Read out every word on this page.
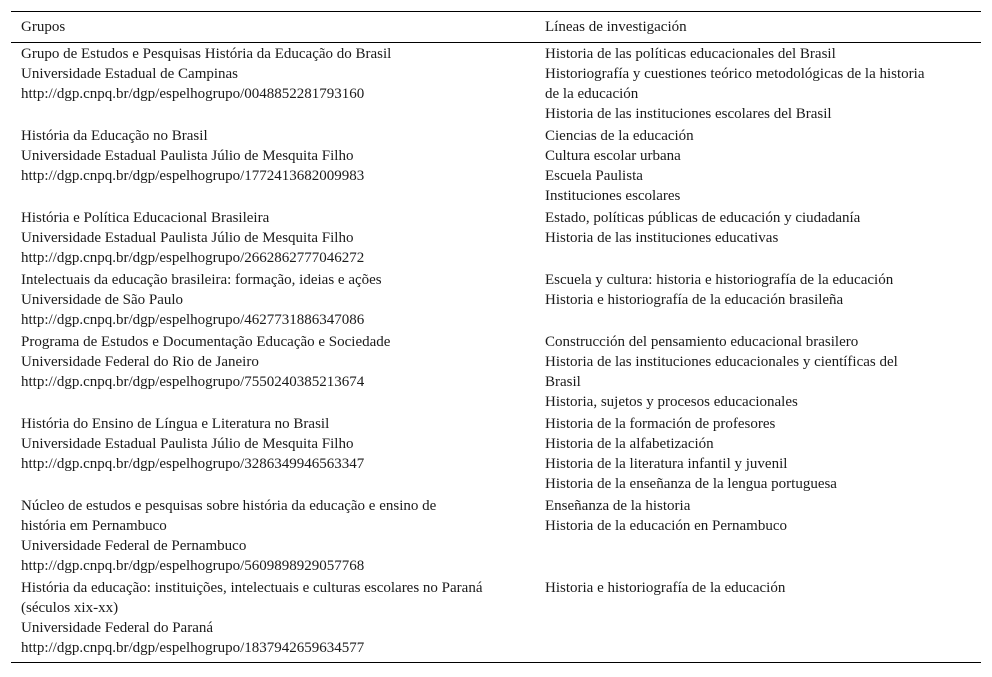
Grupos	Líneas de investigación
Grupo de Estudos e Pesquisas História da Educação do Brasil
Universidade Estadual de Campinas
http://dgp.cnpq.br/dgp/espelhogrupo/0048852281793160
Historia de las políticas educacionales del Brasil
Historiografía y cuestiones teórico metodológicas de la historia
de la educación
Historia de las instituciones escolares del Brasil
História da Educação no Brasil
Universidade Estadual Paulista Júlio de Mesquita Filho
http://dgp.cnpq.br/dgp/espelhogrupo/1772413682009983
Ciencias de la educación
Cultura escolar urbana
Escuela Paulista
Instituciones escolares
História e Política Educacional Brasileira
Universidade Estadual Paulista Júlio de Mesquita Filho
http://dgp.cnpq.br/dgp/espelhogrupo/2662862777046272
Estado, políticas públicas de educación y ciudadanía
Historia de las instituciones educativas
Intelectuais da educação brasileira: formação, ideias e ações
Universidade de São Paulo
http://dgp.cnpq.br/dgp/espelhogrupo/4627731886347086
Escuela y cultura: historia e historiografía de la educación
Historia e historiografía de la educación brasileña
Programa de Estudos e Documentação Educação e Sociedade
Universidade Federal do Rio de Janeiro
http://dgp.cnpq.br/dgp/espelhogrupo/7550240385213674
Construcción del pensamiento educacional brasilero
Historia de las instituciones educacionales y científicas del
Brasil
Historia, sujetos y procesos educacionales
História do Ensino de Língua e Literatura no Brasil
Universidade Estadual Paulista Júlio de Mesquita Filho
http://dgp.cnpq.br/dgp/espelhogrupo/3286349946563347
Historia de la formación de profesores
Historia de la alfabetización
Historia de la literatura infantil y juvenil
Historia de la enseñanza de la lengua portuguesa
Núcleo de estudos e pesquisas sobre história da educação e ensino de
história em Pernambuco
Universidade Federal de Pernambuco
http://dgp.cnpq.br/dgp/espelhogrupo/5609898929057768
Enseñanza de la historia
Historia de la educación en Pernambuco
História da educação: instituições, intelectuais e culturas escolares no Paraná
(séculos xix-xx)
Universidade Federal do Paraná
http://dgp.cnpq.br/dgp/espelhogrupo/1837942659634577
Historia e historiografía de la educación
